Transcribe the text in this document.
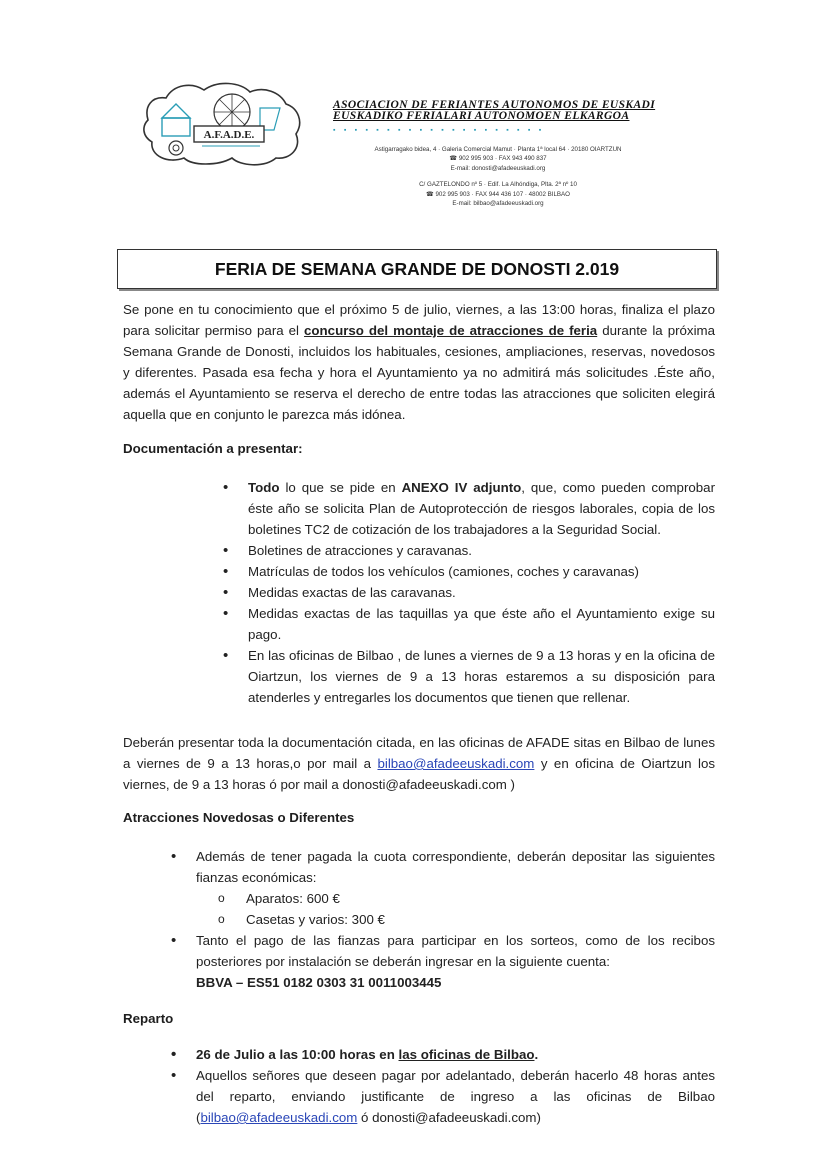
A.F.A.D.E.
ASOCIACION DE FERIANTES AUTONOMOS DE EUSKADI
EUSKADIKO FERIALARI AUTONOMOEN ELKARGOA
▪ ▪ ▪ ▪ ▪ ▪ ▪ ▪ ▪ ▪ ▪ ▪ ▪ ▪ ▪ ▪ ▪ ▪ ▪ ▪
Astigarragako bidea, 4 · Galeria Comercial Mamut · Planta 1ª local 64 · 20180 OIARTZUN
☎ 902 995 903 · FAX 943 490 837
E-mail: donosti@afadeeuskadi.org
C/ GAZTELONDO nº 5 · Edif. La Alhóndiga, Plta. 2ª nº 10
☎ 902 995 903 · FAX 944 436 107 · 48002 BILBAO
E-mail: bilbao@afadeeuskadi.org
FERIA DE SEMANA GRANDE DE DONOSTI 2.019

Se pone en tu conocimiento que el próximo 5 de julio, viernes, a las 13:00 horas, finaliza el plazo para solicitar permiso para el concurso del montaje de atracciones de feria durante la próxima Semana Grande de Donosti, incluidos los habituales, cesiones, ampliaciones, reservas, novedosos y diferentes. Pasada esa fecha y hora el Ayuntamiento ya no admitirá más solicitudes .Éste año, además el Ayuntamiento se reserva el derecho de entre todas las atracciones que soliciten elegirá aquella que en conjunto le parezca más idónea.

Documentación a presentar:
• Todo lo que se pide en ANEXO IV adjunto, que, como pueden comprobar éste año se solicita Plan de Autoprotección de riesgos laborales, copia de los boletines TC2 de cotización de los trabajadores a la Seguridad Social.
• Boletines de atracciones y caravanas.
• Matrículas de todos los vehículos (camiones, coches y caravanas)
• Medidas exactas de las caravanas.
• Medidas exactas de las taquillas ya que éste año el Ayuntamiento exige su pago.
• En las oficinas de Bilbao , de lunes a viernes de 9 a 13 horas y en la oficina de Oiartzun, los viernes de 9 a 13 horas estaremos a su disposición para atenderles y entregarles los documentos que tienen que rellenar.

Deberán presentar toda la documentación citada, en las oficinas de AFADE sitas en Bilbao de lunes a viernes de 9 a 13 horas,o por mail a bilbao@afadeeuskadi.com y en oficina de Oiartzun los viernes, de 9 a 13 horas ó por mail a donosti@afadeeuskadi.com )

Atracciones Novedosas o Diferentes
• Además de tener pagada la cuota correspondiente, deberán depositar las siguientes fianzas económicas:
o Aparatos: 600 €
o Casetas y varios: 300 €
• Tanto el pago de las fianzas para participar en los sorteos, como de los recibos posteriores por instalación se deberán ingresar en la siguiente cuenta:
BBVA – ES51 0182 0303 31 0011003445
Reparto
• 26 de Julio a las 10:00 horas en las oficinas de Bilbao.
• Aquellos señores que deseen pagar por adelantado, deberán hacerlo 48 horas antes del reparto, enviando justificante de ingreso a las oficinas de Bilbao (bilbao@afadeeuskadi.com ó donosti@afadeeuskadi.com)
